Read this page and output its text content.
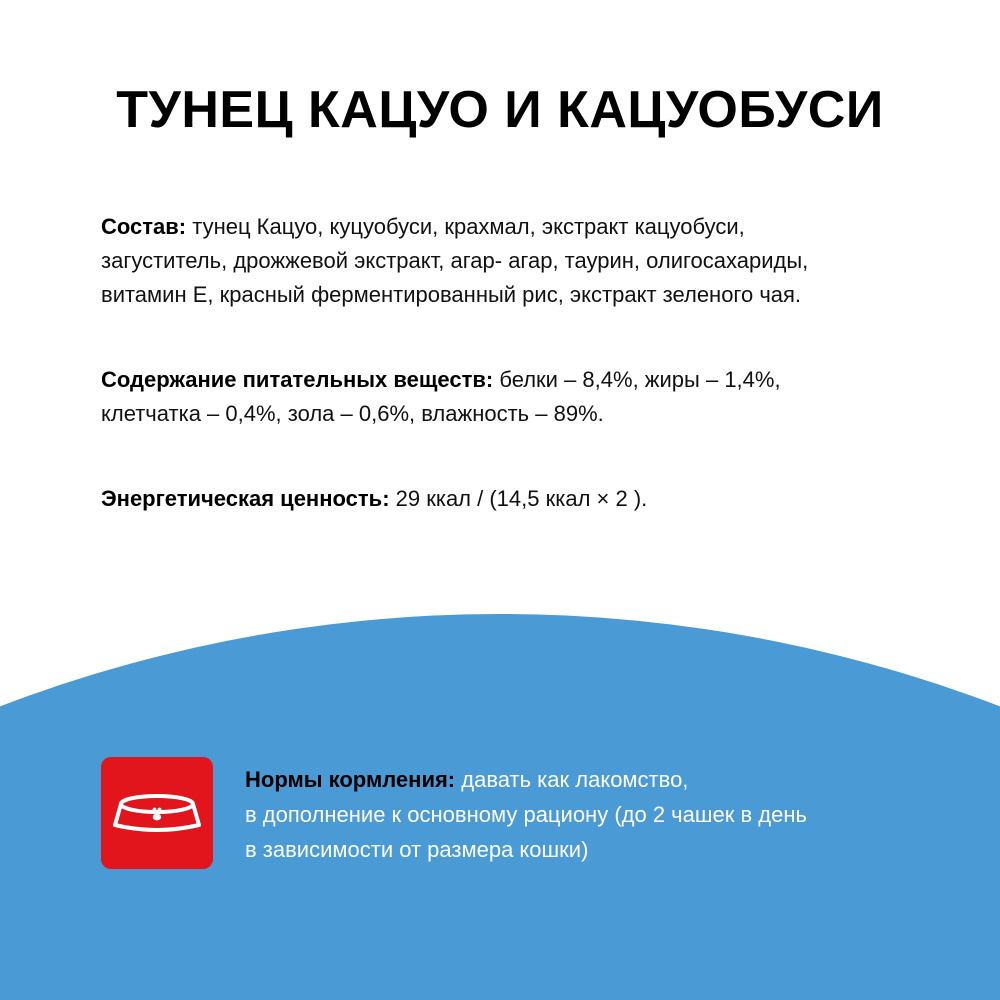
ТУНЕЦ КАЦУО И КАЦУОБУСИ

Состав: тунец Кацуо, куцуобуси, крахмал, экстракт кацуобуси,
загуститель, дрожжевой экстракт, агар- агар, таурин, олигосахариды,
витамин Е, красный ферментированный рис, экстракт зеленого чая.

Содержание питательных веществ: белки – 8,4%, жиры – 1,4%,
клетчатка – 0,4%, зола – 0,6%, влажность – 89%.

Энергетическая ценность: 29 ккал / (14,5 ккал × 2 ).

Нормы кормления: давать как лакомство,
в дополнение к основному рациону (до 2 чашек в день
в зависимости от размера кошки)
